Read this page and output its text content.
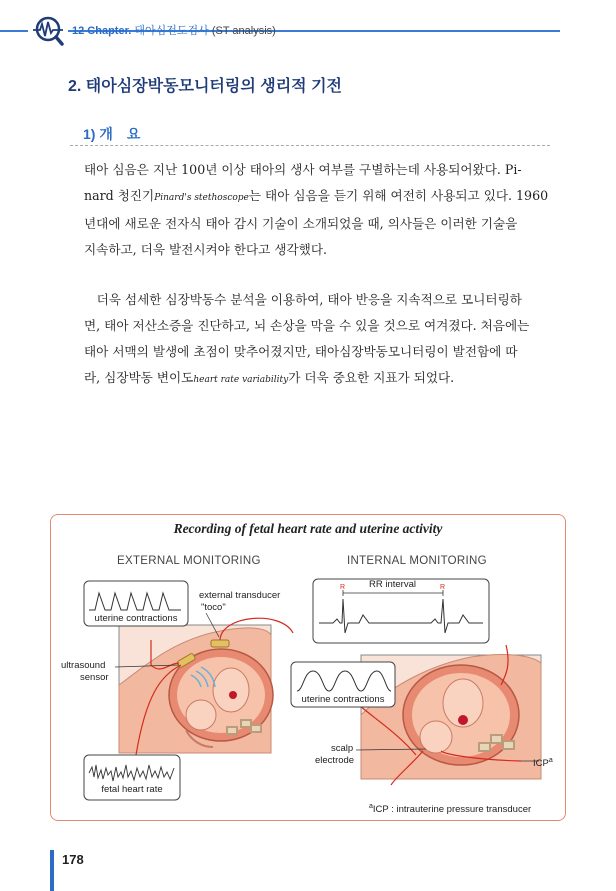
12 Chapter. 태아심전도검사 (ST analysis)
2. 태아심장박동모니터링의 생리적 기전
1) 개　요
태아 심음은 지난 100년 이상 태아의 생사 여부를 구별하는데 사용되어왔다. Pi-
nard 청진기Pinard's stethoscope는 태아 심음을 듣기 위해 여전히 사용되고 있다. 1960
년대에 새로운 전자식 태아 감시 기술이 소개되었을 때, 의사들은 이러한 기술을
지속하고, 더욱 발전시켜야 한다고 생각했다.
　더욱 섬세한 심장박동수 분석을 이용하여, 태아 반응을 지속적으로 모니터링하
면, 태아 저산소증을 진단하고, 뇌 손상을 막을 수 있을 것으로 여겨졌다. 처음에는
태아 서맥의 발생에 초점이 맞추어졌지만, 태아심장박동모니터링이 발전함에 따
라, 심장박동 변이도heart rate variability가 더욱 중요한 지표가 되었다.
Recording of fetal heart rate and uterine activity
EXTERNAL MONITORING	INTERNAL MONITORING
uterine contractions
external transducer
"toco"
ultrasound
sensor
fetal heart rate
RR interval
R	R
uterine contractions
scalp
electrode	ICP$^a$
$^a$ICP : intrauterine pressure transducer
178
